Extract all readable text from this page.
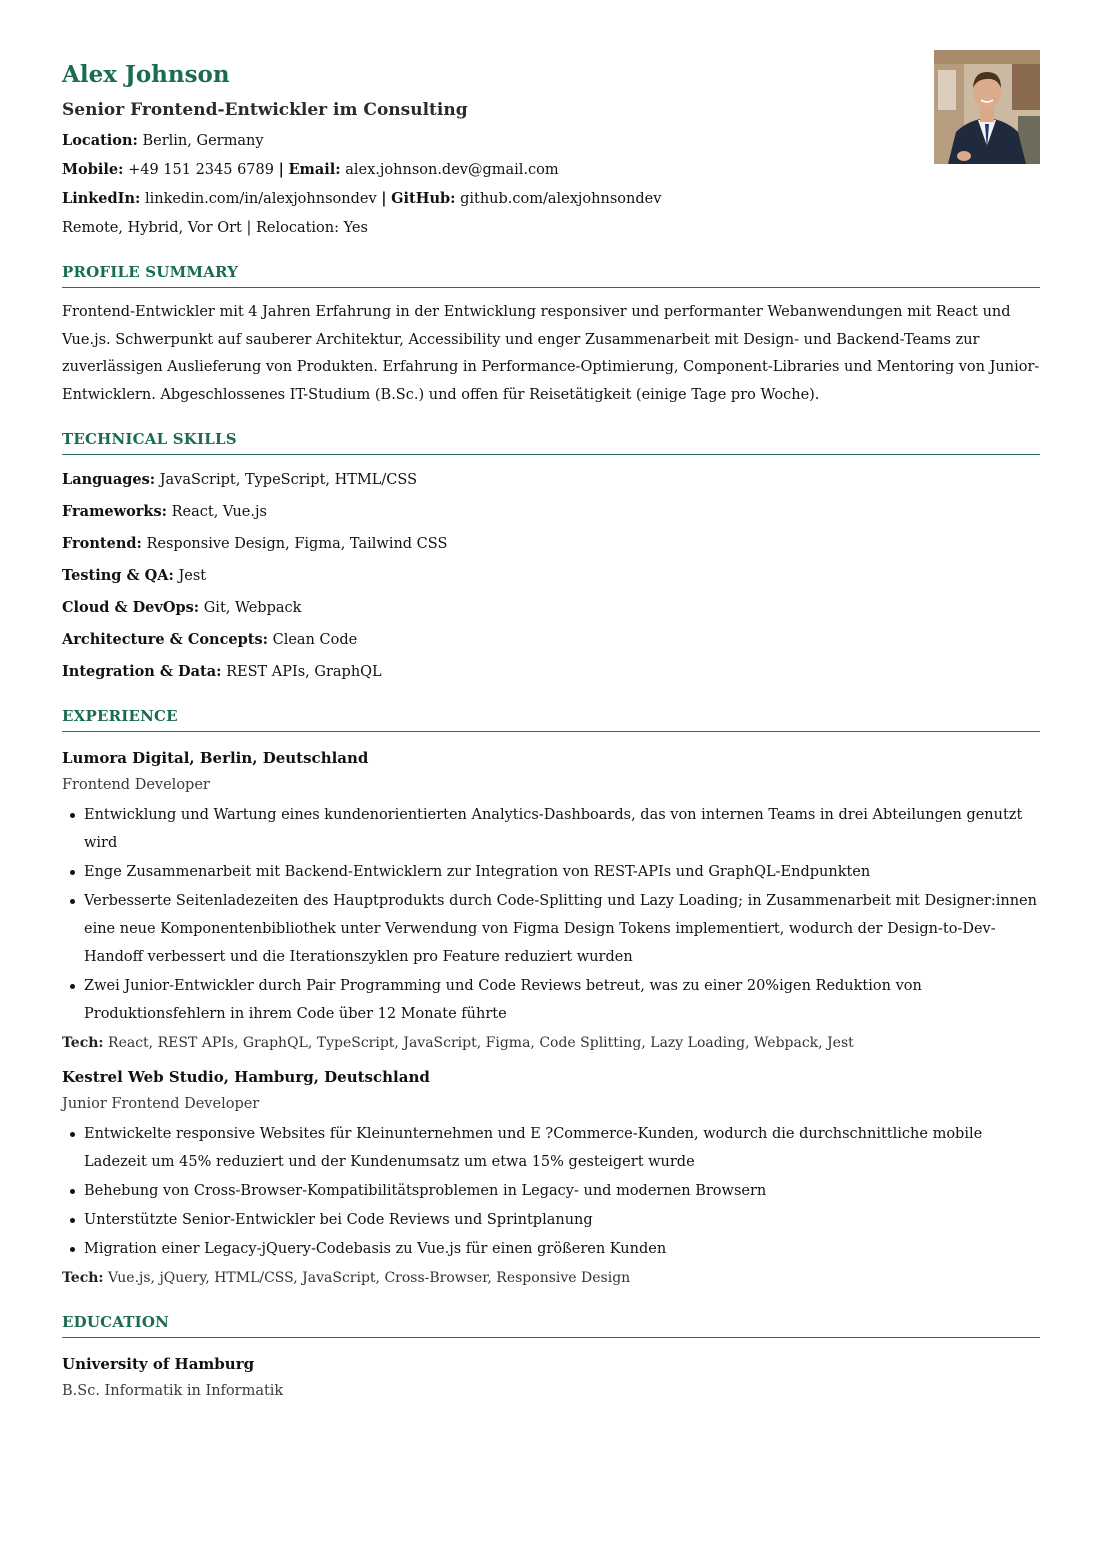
Alex Johnson
Senior Frontend-Entwickler im Consulting
Location: Berlin, Germany
Mobile: +49 151 2345 6789 | Email: alex.johnson.dev@gmail.com
LinkedIn: linkedin.com/in/alexjohnsondev | GitHub: github.com/alexjohnsondev
Remote, Hybrid, Vor Ort | Relocation: Yes
PROFILE SUMMARY
Frontend-Entwickler mit 4 Jahren Erfahrung in der Entwicklung responsiver und performanter Webanwendungen mit React und Vue.js. Schwerpunkt auf sauberer Architektur, Accessibility und enger Zusammenarbeit mit Design- und Backend-Teams zur zuverlässigen Auslieferung von Produkten. Erfahrung in Performance-Optimierung, Component-Libraries und Mentoring von Junior-Entwicklern. Abgeschlossenes IT-Studium (B.Sc.) und offen für Reisetätigkeit (einige Tage pro Woche).
TECHNICAL SKILLS
Languages: JavaScript, TypeScript, HTML/CSS
Frameworks: React, Vue.js
Frontend: Responsive Design, Figma, Tailwind CSS
Testing & QA: Jest
Cloud & DevOps: Git, Webpack
Architecture & Concepts: Clean Code
Integration & Data: REST APIs, GraphQL
EXPERIENCE
Lumora Digital, Berlin, Deutschland
Frontend Developer
Entwicklung und Wartung eines kundenorientierten Analytics-Dashboards, das von internen Teams in drei Abteilungen genutzt wird
Enge Zusammenarbeit mit Backend-Entwicklern zur Integration von REST-APIs und GraphQL-Endpunkten
Verbesserte Seitenladezeiten des Hauptprodukts durch Code-Splitting und Lazy Loading; in Zusammenarbeit mit Designer:innen eine neue Komponentenbibliothek unter Verwendung von Figma Design Tokens implementiert, wodurch der Design-to-Dev-Handoff verbessert und die Iterationszyklen pro Feature reduziert wurden
Zwei Junior-Entwickler durch Pair Programming und Code Reviews betreut, was zu einer 20%igen Reduktion von Produktionsfehlern in ihrem Code über 12 Monate führte
Tech: React, REST APIs, GraphQL, TypeScript, JavaScript, Figma, Code Splitting, Lazy Loading, Webpack, Jest
Kestrel Web Studio, Hamburg, Deutschland
Junior Frontend Developer
Entwickelte responsive Websites für Kleinunternehmen und E ?Commerce-Kunden, wodurch die durchschnittliche mobile Ladezeit um 45% reduziert und der Kundenumsatz um etwa 15% gesteigert wurde
Behebung von Cross-Browser-Kompatibilitätsproblemen in Legacy- und modernen Browsern
Unterstützte Senior-Entwickler bei Code Reviews und Sprintplanung
Migration einer Legacy-jQuery-Codebasis zu Vue.js für einen größeren Kunden
Tech: Vue.js, jQuery, HTML/CSS, JavaScript, Cross-Browser, Responsive Design
EDUCATION
University of Hamburg
B.Sc. Informatik in Informatik
